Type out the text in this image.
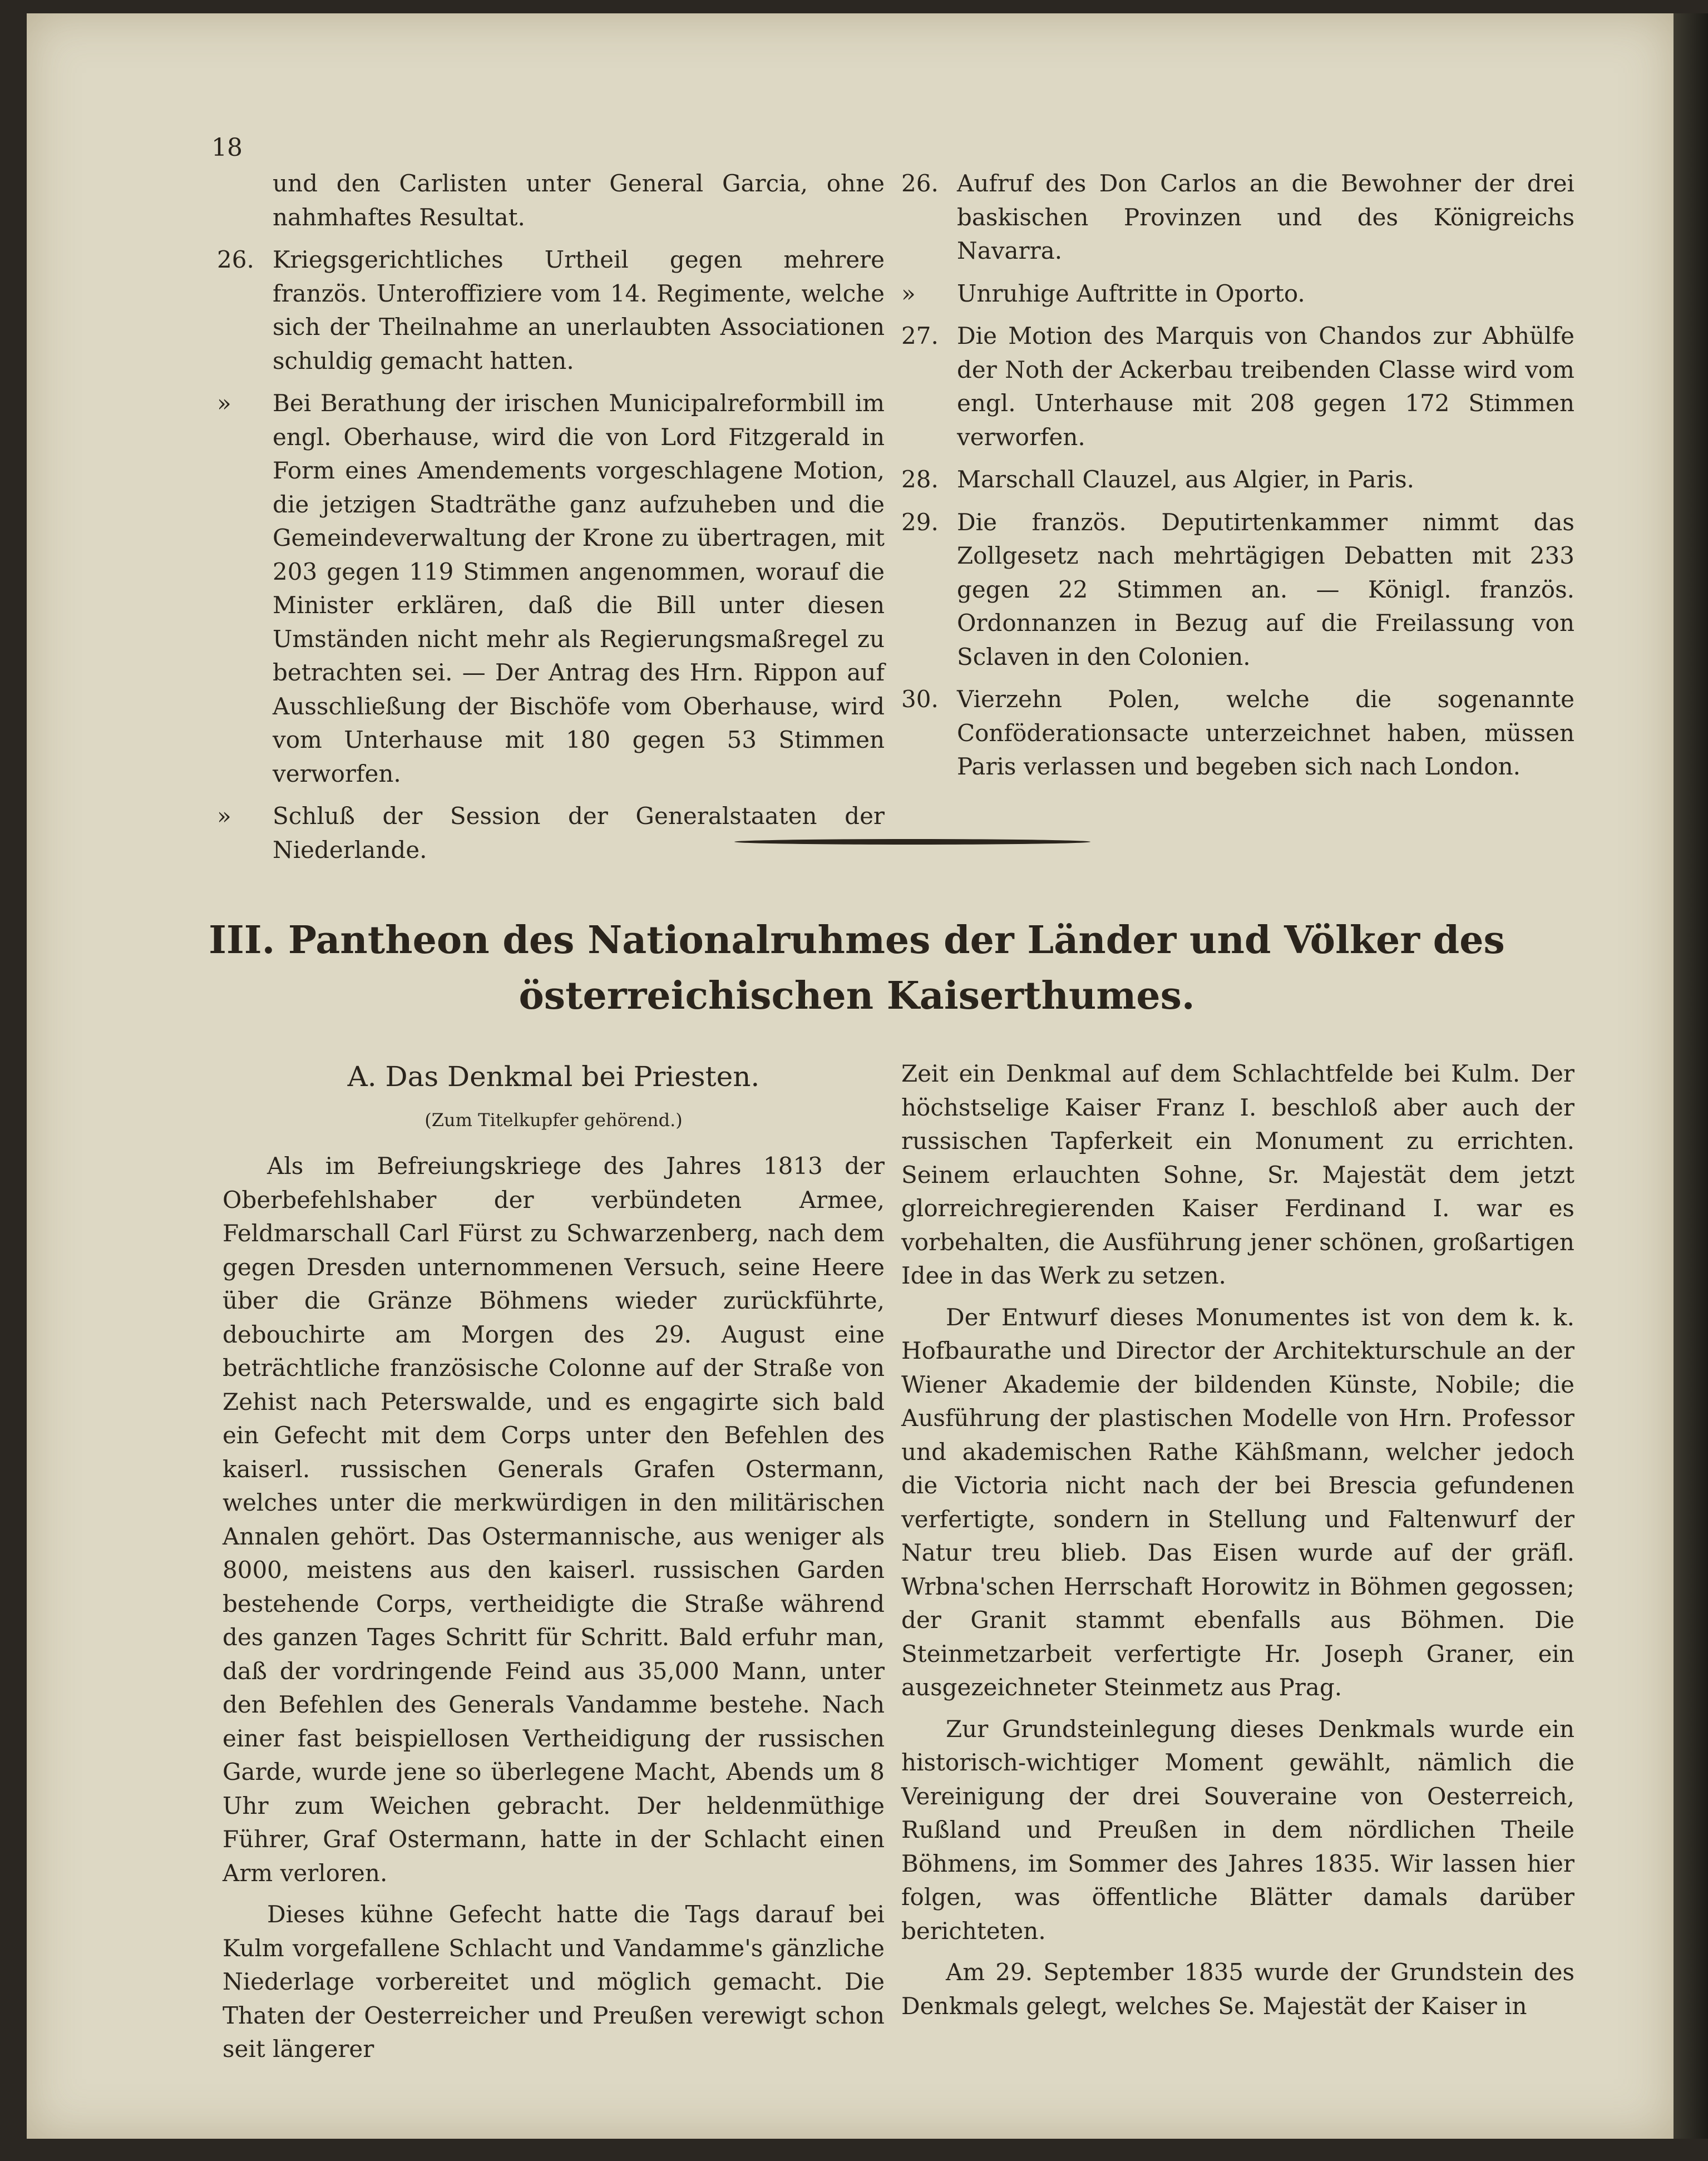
18
und den Carlisten unter General Garcia, ohne nahmhaftes Resultat.
26. Kriegsgerichtliches Urtheil gegen mehrere französ. Unteroffiziere vom 14. Regimente, welche sich der Theilnahme an unerlaubten Associationen schuldig gemacht hatten.
»	Bei Berathung der irischen Municipalreformbill im engl. Oberhause, wird die von Lord Fitzgerald in Form eines Amendements vorgeschlagene Motion, die jetzigen Stadträthe ganz aufzuheben und die Gemeindeverwaltung der Krone zu übertragen, mit 203 gegen 119 Stimmen angenommen, worauf die Minister erklären, daß die Bill unter diesen Umständen nicht mehr als Regierungsmaßregel zu betrachten sei. — Der Antrag des Hrn. Rippon auf Ausschließung der Bischöfe vom Oberhause, wird vom Unterhause mit 180 gegen 53 Stimmen verworfen.
»	Schluß der Session der Generalstaaten der Niederlande.
26. Aufruf des Don Carlos an die Bewohner der drei baskischen Provinzen und des Königreichs Navarra.
»	Unruhige Auftritte in Oporto.
27. Die Motion des Marquis von Chandos zur Abhülfe der Noth der Ackerbau treibenden Classe wird vom engl. Unterhause mit 208 gegen 172 Stimmen verworfen.
28. Marschall Clauzel, aus Algier, in Paris.
29. Die französ. Deputirtenkammer nimmt das Zollgesetz nach mehrtägigen Debatten mit 233 gegen 22 Stimmen an. — Königl. französ. Ordonnanzen in Bezug auf die Freilassung von Sclaven in den Colonien.
30. Vierzehn Polen, welche die sogenannte Conföderationsacte unterzeichnet haben, müssen Paris verlassen und begeben sich nach London.
III. Pantheon des Nationalruhmes der Länder und Völker des österreichischen Kaiserthumes.
A. Das Denkmal bei Priesten.
(Zum Titelkupfer gehörend.)

Als im Befreiungskriege des Jahres 1813 der Oberbefehlshaber der verbündeten Armee, Feldmarschall Carl Fürst zu Schwarzenberg, nach dem gegen Dresden unternommenen Versuch, seine Heere über die Gränze Böhmens wieder zurückführte, debouchirte am Morgen des 29. August eine beträchtliche französische Colonne auf der Straße von Zehist nach Peterswalde, und es engagirte sich bald ein Gefecht mit dem Corps unter den Befehlen des kaiserl. russischen Generals Grafen Ostermann, welches unter die merkwürdigen in den militärischen Annalen gehört. Das Ostermannische, aus weniger als 8000, meistens aus den kaiserl. russischen Garden bestehende Corps, vertheidigte die Straße während des ganzen Tages Schritt für Schritt. Bald erfuhr man, daß der vordringende Feind aus 35,000 Mann, unter den Befehlen des Generals Vandamme bestehe. Nach einer fast beispiellosen Vertheidigung der russischen Garde, wurde jene so überlegene Macht, Abends um 8 Uhr zum Weichen gebracht. Der heldenmüthige Führer, Graf Ostermann, hatte in der Schlacht einen Arm verloren.

Dieses kühne Gefecht hatte die Tags darauf bei Kulm vorgefallene Schlacht und Vandamme's gänzliche Niederlage vorbereitet und möglich gemacht. Die Thaten der Oesterreicher und Preußen verewigt schon seit längerer

Zeit ein Denkmal auf dem Schlachtfelde bei Kulm. Der höchstselige Kaiser Franz I. beschloß aber auch der russischen Tapferkeit ein Monument zu errichten. Seinem erlauchten Sohne, Sr. Majestät dem jetzt glorreichregierenden Kaiser Ferdinand I. war es vorbehalten, die Ausführung jener schönen, großartigen Idee in das Werk zu setzen.

Der Entwurf dieses Monumentes ist von dem k. k. Hofbaurathe und Director der Architekturschule an der Wiener Akademie der bildenden Künste, Nobile; die Ausführung der plastischen Modelle von Hrn. Professor und akademischen Rathe Kähßmann, welcher jedoch die Victoria nicht nach der bei Brescia gefundenen verfertigte, sondern in Stellung und Faltenwurf der Natur treu blieb. Das Eisen wurde auf der gräfl. Wrbna'schen Herrschaft Horowitz in Böhmen gegossen; der Granit stammt ebenfalls aus Böhmen. Die Steinmetzarbeit verfertigte Hr. Joseph Graner, ein ausgezeichneter Steinmetz aus Prag.

Zur Grundsteinlegung dieses Denkmals wurde ein historisch-wichtiger Moment gewählt, nämlich die Vereinigung der drei Souveraine von Oesterreich, Rußland und Preußen in dem nördlichen Theile Böhmens, im Sommer des Jahres 1835. Wir lassen hier folgen, was öffentliche Blätter damals darüber berichteten.

Am 29. September 1835 wurde der Grundstein des Denkmals gelegt, welches Se. Majestät der Kaiser in
